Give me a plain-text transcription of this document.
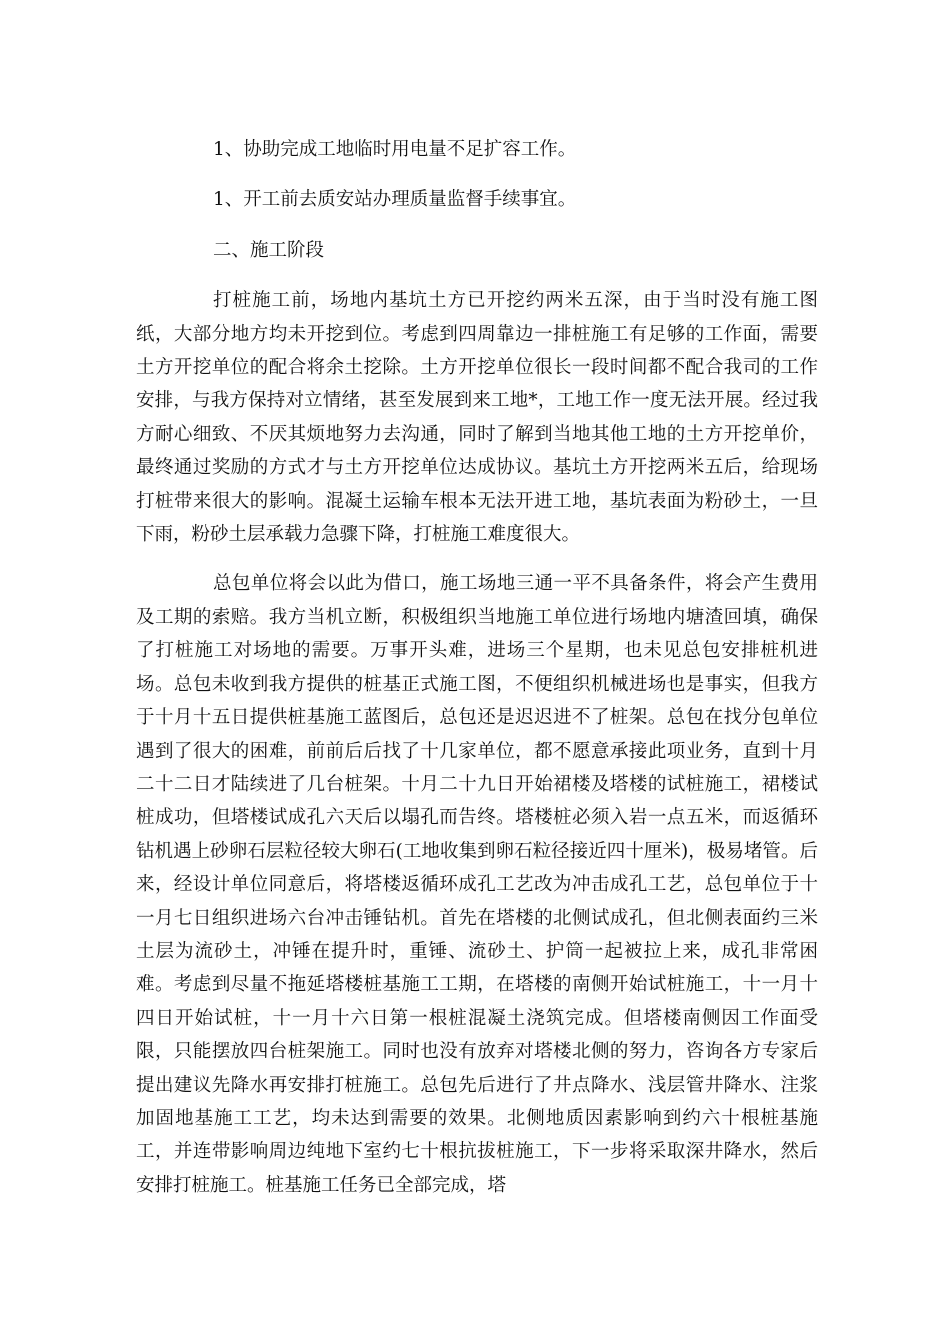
1、协助完成工地临时用电量不足扩容工作。

1、开工前去质安站办理质量监督手续事宜。

二、施工阶段

打桩施工前，场地内基坑土方已开挖约两米五深，由于当时没有施工图纸，大部分地方均未开挖到位。考虑到四周靠边一排桩施工有足够的工作面，需要土方开挖单位的配合将余土挖除。土方开挖单位很长一段时间都不配合我司的工作安排，与我方保持对立情绪，甚至发展到来工地*，工地工作一度无法开展。经过我方耐心细致、不厌其烦地努力去沟通，同时了解到当地其他工地的土方开挖单价，最终通过奖励的方式才与土方开挖单位达成协议。基坑土方开挖两米五后，给现场打桩带来很大的影响。混凝土运输车根本无法开进工地，基坑表面为粉砂土，一旦下雨，粉砂土层承载力急骤下降，打桩施工难度很大。

总包单位将会以此为借口，施工场地三通一平不具备条件，将会产生费用及工期的索赔。我方当机立断，积极组织当地施工单位进行场地内塘渣回填，确保了打桩施工对场地的需要。万事开头难，进场三个星期，也未见总包安排桩机进场。总包未收到我方提供的桩基正式施工图，不便组织机械进场也是事实，但我方于十月十五日提供桩基施工蓝图后，总包还是迟迟进不了桩架。总包在找分包单位遇到了很大的困难，前前后后找了十几家单位，都不愿意承接此项业务，直到十月二十二日才陆续进了几台桩架。十月二十九日开始裙楼及塔楼的试桩施工，裙楼试桩成功，但塔楼试成孔六天后以塌孔而告终。塔楼桩必须入岩一点五米，而返循环钻机遇上砂卵石层粒径较大卵石(工地收集到卵石粒径接近四十厘米)，极易堵管。后来，经设计单位同意后，将塔楼返循环成孔工艺改为冲击成孔工艺，总包单位于十一月七日组织进场六台冲击锤钻机。首先在塔楼的北侧试成孔，但北侧表面约三米土层为流砂土，冲锤在提升时，重锤、流砂土、护筒一起被拉上来，成孔非常困难。考虑到尽量不拖延塔楼桩基施工工期，在塔楼的南侧开始试桩施工，十一月十四日开始试桩，十一月十六日第一根桩混凝土浇筑完成。但塔楼南侧因工作面受限，只能摆放四台桩架施工。同时也没有放弃对塔楼北侧的努力，咨询各方专家后提出建议先降水再安排打桩施工。总包先后进行了井点降水、浅层管井降水、注浆加固地基施工工艺，均未达到需要的效果。北侧地质因素影响到约六十根桩基施工，并连带影响周边纯地下室约七十根抗拔桩施工，下一步将采取深井降水，然后安排打桩施工。桩基施工任务已全部完成，塔
